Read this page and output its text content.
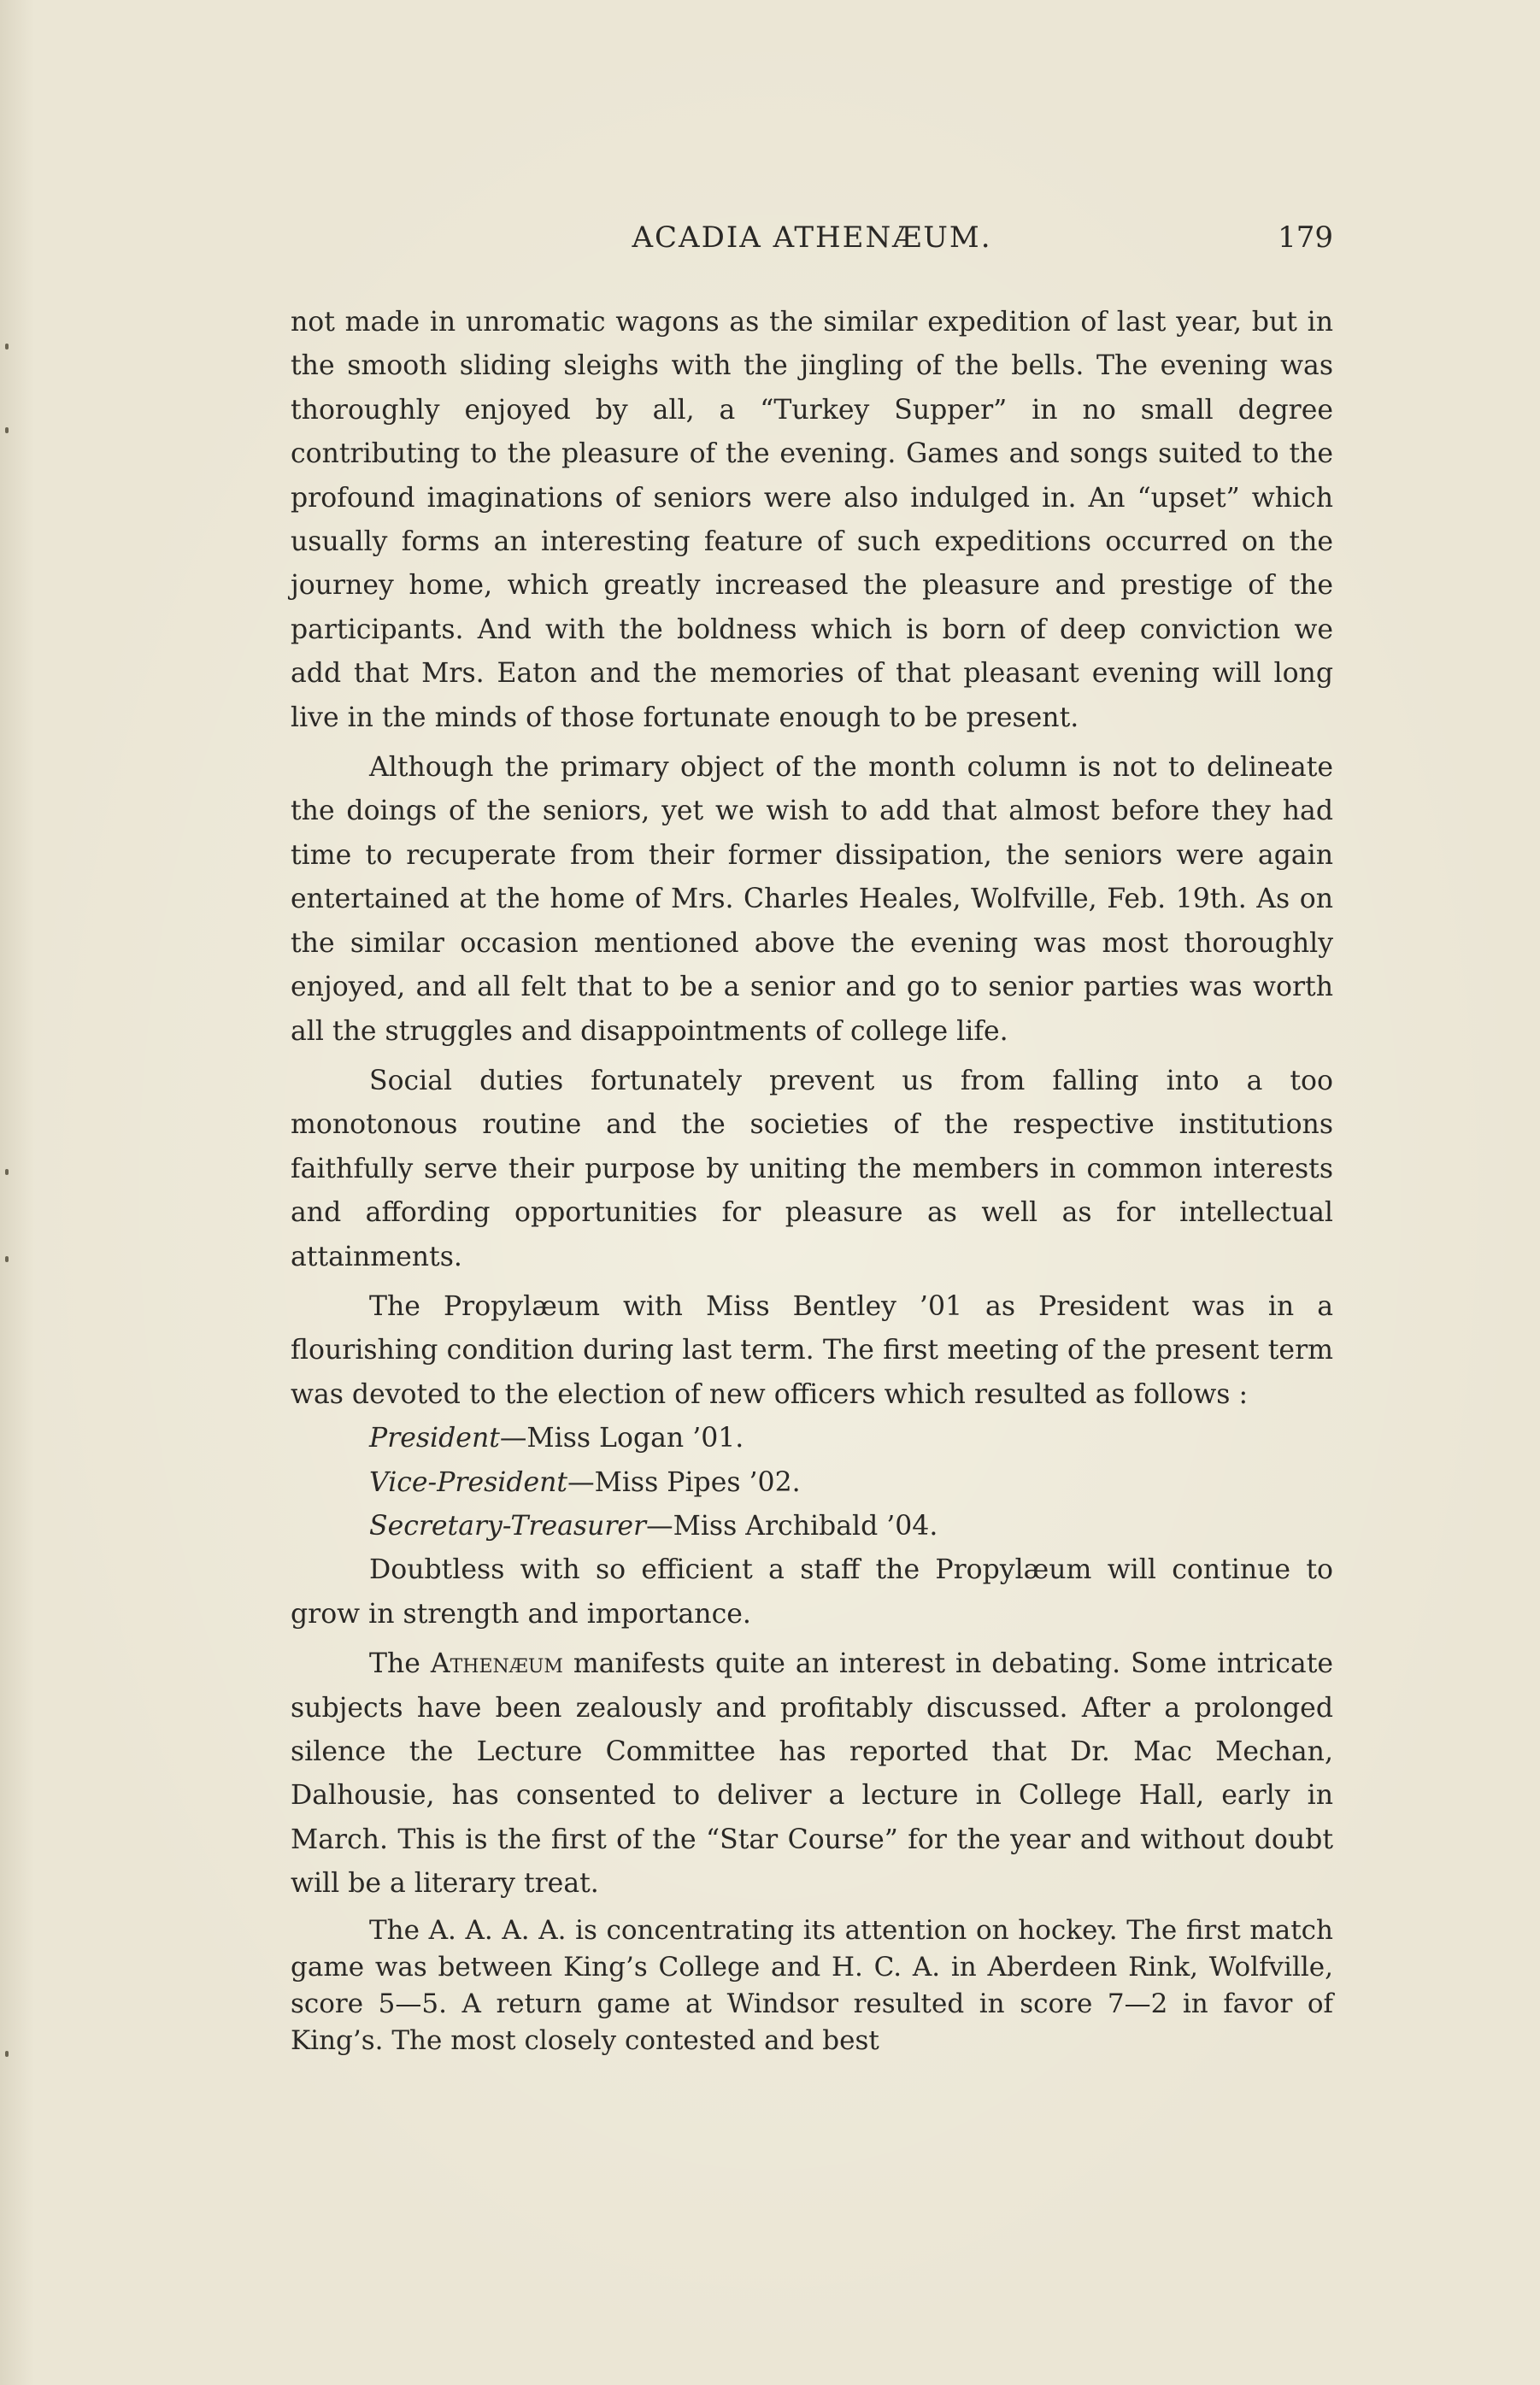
ACADIA ATHENÆUM.	179

not made in unromatic wagons as the similar expedition of last year, but in the smooth sliding sleighs with the jingling of the bells. The evening was thoroughly enjoyed by all, a “Turkey Supper” in no small degree contributing to the pleasure of the evening. Games and songs suited to the profound imaginations of seniors were also indulged in. An “upset” which usually forms an interesting feature of such expeditions occurred on the journey home, which greatly increased the pleasure and prestige of the participants. And with the boldness which is born of deep conviction we add that Mrs. Eaton and the memories of that pleasant evening will long live in the minds of those fortunate enough to be present.

Although the primary object of the month column is not to delineate the doings of the seniors, yet we wish to add that almost before they had time to recuperate from their former dissipation, the seniors were again entertained at the home of Mrs. Charles Heales, Wolfville, Feb. 19th. As on the similar occasion mentioned above the evening was most thoroughly enjoyed, and all felt that to be a senior and go to senior parties was worth all the struggles and disappointments of college life.

Social duties fortunately prevent us from falling into a too monotonous routine and the societies of the respective institutions faithfully serve their purpose by uniting the members in common interests and affording opportunities for pleasure as well as for intellectual attainments.

The Propylæum with Miss Bentley ’01 as President was in a flourishing condition during last term. The first meeting of the present term was devoted to the election of new officers which resulted as follows :

President—Miss Logan ’01.

Vice-President—Miss Pipes ’02.

Secretary-Treasurer—Miss Archibald ’04.

Doubtless with so efficient a staff the Propylæum will continue to grow in strength and importance.

The Athenæum manifests quite an interest in debating. Some intricate subjects have been zealously and profitably discussed. After a prolonged silence the Lecture Committee has reported that Dr. Mac Mechan, Dalhousie, has consented to deliver a lecture in College Hall, early in March. This is the first of the “Star Course” for the year and without doubt will be a literary treat.

The A. A. A. A. is concentrating its attention on hockey. The first match game was between King’s College and H. C. A. in Aberdeen Rink, Wolfville, score 5—5. A return game at Windsor resulted in score 7—2 in favor of King’s. The most closely contested and best
